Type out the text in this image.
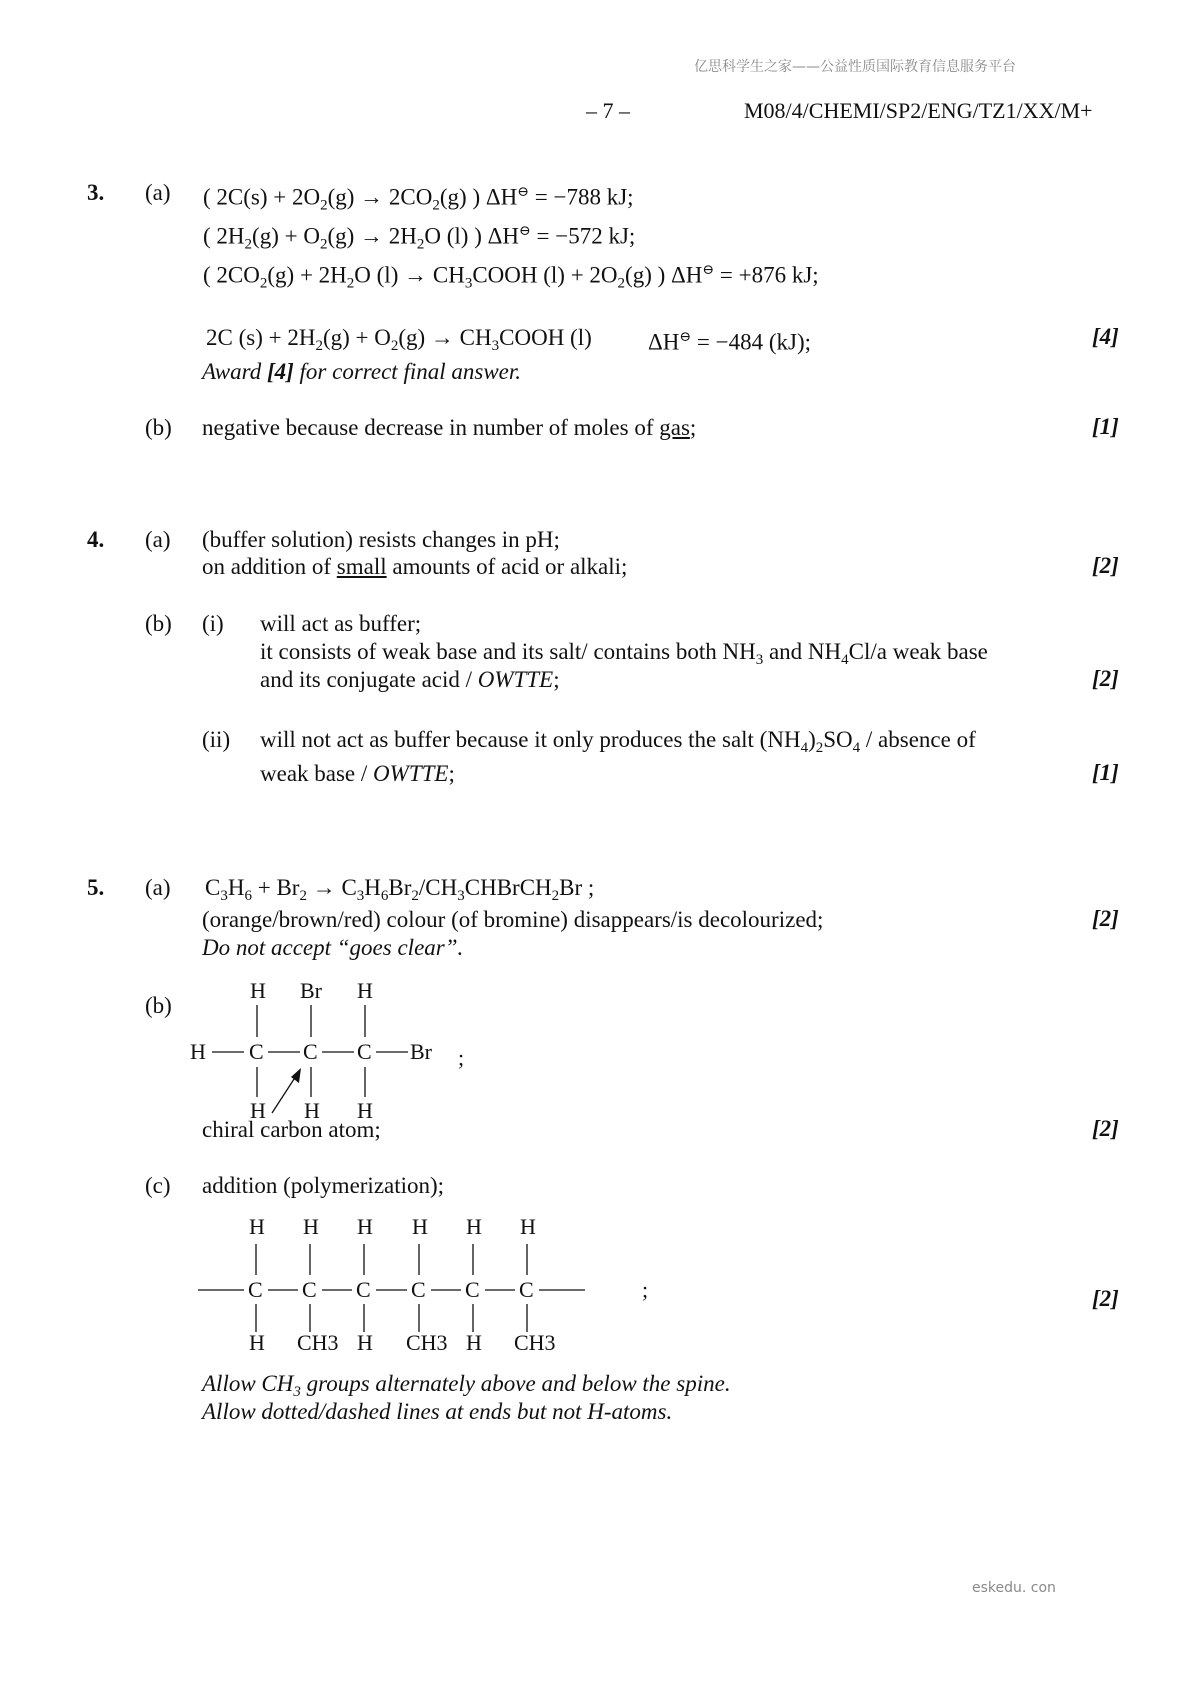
亿思科学生之家——公益性质国际教育信息服务平台
– 7 –	M08/4/CHEMI/SP2/ENG/TZ1/XX/M+
3. (a) ( $2C(s) + 2O_2(g) \to 2CO_2(g)$ ) ΔH⊖ = −788 kJ;
( $2H_2(g) + O_2(g) \to 2H_2O$ (l) ) ΔH⊖ = −572 kJ;
( $2CO_2(g) + 2H_2O$ $(l) \to CH_3COOH$ $(l) + 2O_2(g)$ ) ΔH⊖ = +876 kJ;
2C $(s) + 2H_2(g) + O_2(g)$ → $CH_3COOH$ (l) ΔH⊖ = −484 (kJ);	[4]
Award [4] for correct final answer.
(b) negative because decrease in number of moles of gas;	[1]
4. (a) (buffer solution) resists changes in pH;
on addition of small amounts of acid or alkali;	[2]
(b) (i) will act as buffer;
it consists of weak base and its salt/ contains both $NH_3$ and $NH_4Cl/a$ weak base
and its conjugate acid / OWTTE;	[2]
(ii) will not act as buffer because it only produces the salt $(NH_4)_2SO_4$ / absence of
weak base / OWTTE;	[1]
5. (a) $C_3H_6 + Br_2$ → $C_3H_6Br_2/CH_3CHBrCH_2Br$ ;
(orange/brown/red) colour (of bromine) disappears/is decolourized;	[2]
Do not accept “goes clear”.
(b)
H Br H
H C C C Br
H H H
;
chiral carbon atom;	[2]
(c) addition (polymerization);
H H H H H H
C C C C C C
H CH3 H CH3 H CH3
;	[2]
Allow $CH_3$ groups alternately above and below the spine.
Allow dotted/dashed lines at ends but not H-atoms.
eskedu. con
